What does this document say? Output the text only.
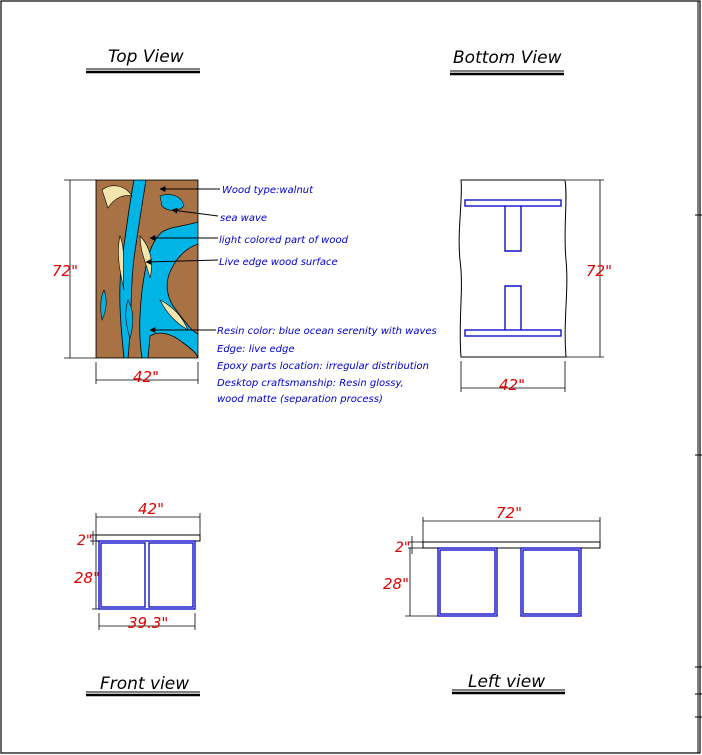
Top View
72"
42"
Wood type:walnut
sea wave
light colored part of wood
Live edge wood surface
Resin color: blue ocean serenity with waves
Edge: live edge
Epoxy parts location: irregular distribution
Desktop craftsmanship: Resin glossy,
wood matte (separation process)
Bottom View
72"
42"
42"
2"
28"
39.3"
Front view
72"
2"
28"
Left view
